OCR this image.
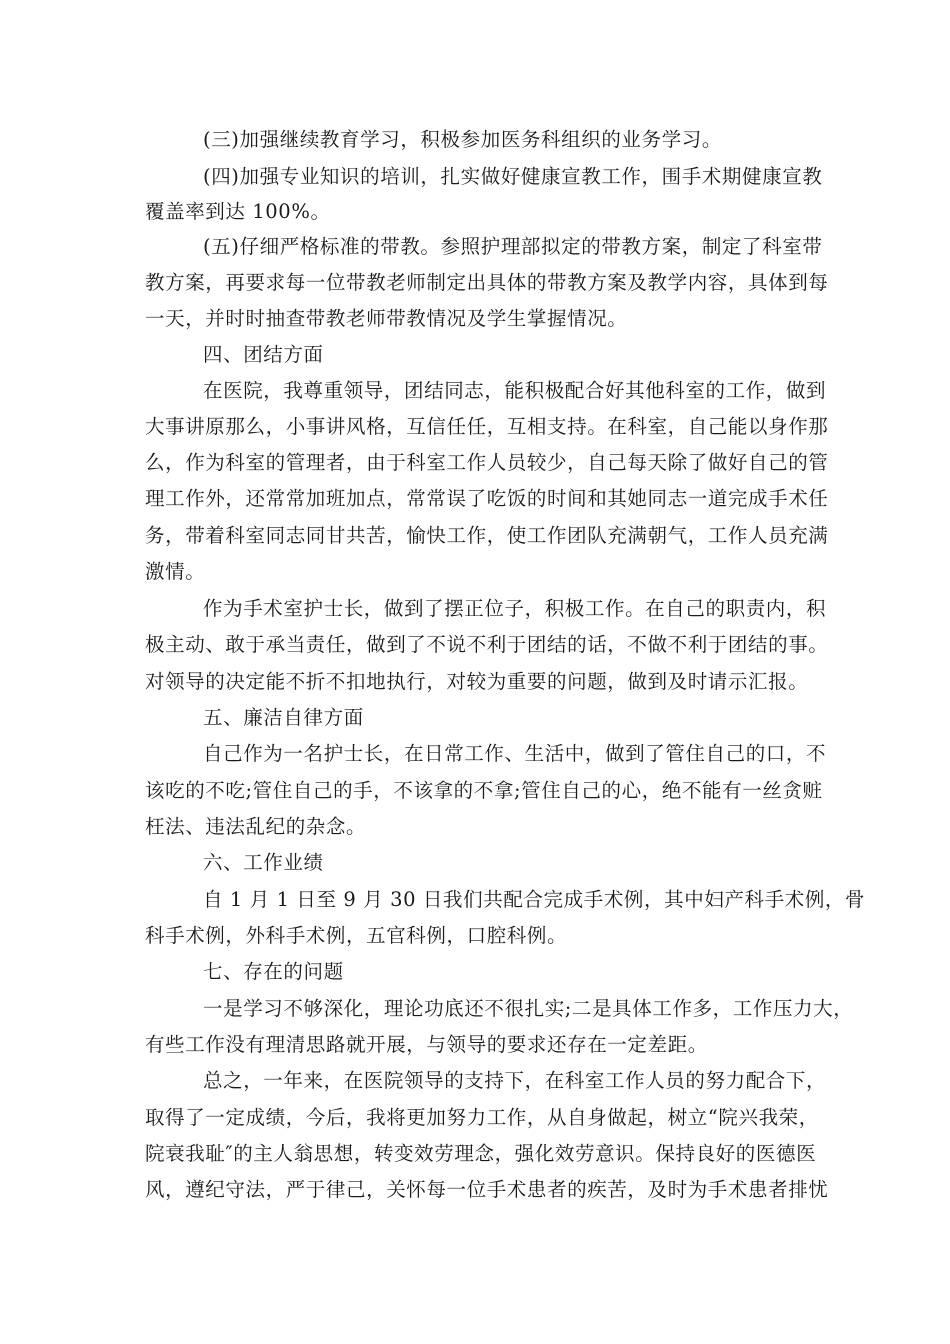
(三)加强继续教育学习，积极参加医务科组织的业务学习。
(四)加强专业知识的培训，扎实做好健康宣教工作，围手术期健康宣教
覆盖率到达 100%。
(五)仔细严格标准的带教。参照护理部拟定的带教方案，制定了科室带
教方案，再要求每一位带教老师制定出具体的带教方案及教学内容，具体到每
一天，并时时抽查带教老师带教情况及学生掌握情况。
四、团结方面
在医院，我尊重领导，团结同志，能积极配合好其他科室的工作，做到
大事讲原那么，小事讲风格，互信任任，互相支持。在科室，自己能以身作那
么，作为科室的管理者，由于科室工作人员较少，自己每天除了做好自己的管
理工作外，还常常加班加点，常常误了吃饭的时间和其她同志一道完成手术任
务，带着科室同志同甘共苦，愉快工作，使工作团队充满朝气，工作人员充满
激情。
作为手术室护士长，做到了摆正位子，积极工作。在自己的职责内，积
极主动、敢于承当责任，做到了不说不利于团结的话，不做不利于团结的事。
对领导的决定能不折不扣地执行，对较为重要的问题，做到及时请示汇报。
五、廉洁自律方面
自己作为一名护士长，在日常工作、生活中，做到了管住自己的口，不
该吃的不吃;管住自己的手，不该拿的不拿;管住自己的心，绝不能有一丝贪赃
枉法、违法乱纪的杂念。
六、工作业绩
自 1 月 1 日至 9 月 30 日我们共配合完成手术例，其中妇产科手术例，骨
科手术例，外科手术例，五官科例，口腔科例。
七、存在的问题
一是学习不够深化，理论功底还不很扎实;二是具体工作多，工作压力大，
有些工作没有理清思路就开展，与领导的要求还存在一定差距。
总之，一年来，在医院领导的支持下，在科室工作人员的努力配合下，
取得了一定成绩，今后，我将更加努力工作，从自身做起，树立“院兴我荣，
院衰我耻″的主人翁思想，转变效劳理念，强化效劳意识。保持良好的医德医
风，遵纪守法，严于律己，关怀每一位手术患者的疾苦，及时为手术患者排忧
